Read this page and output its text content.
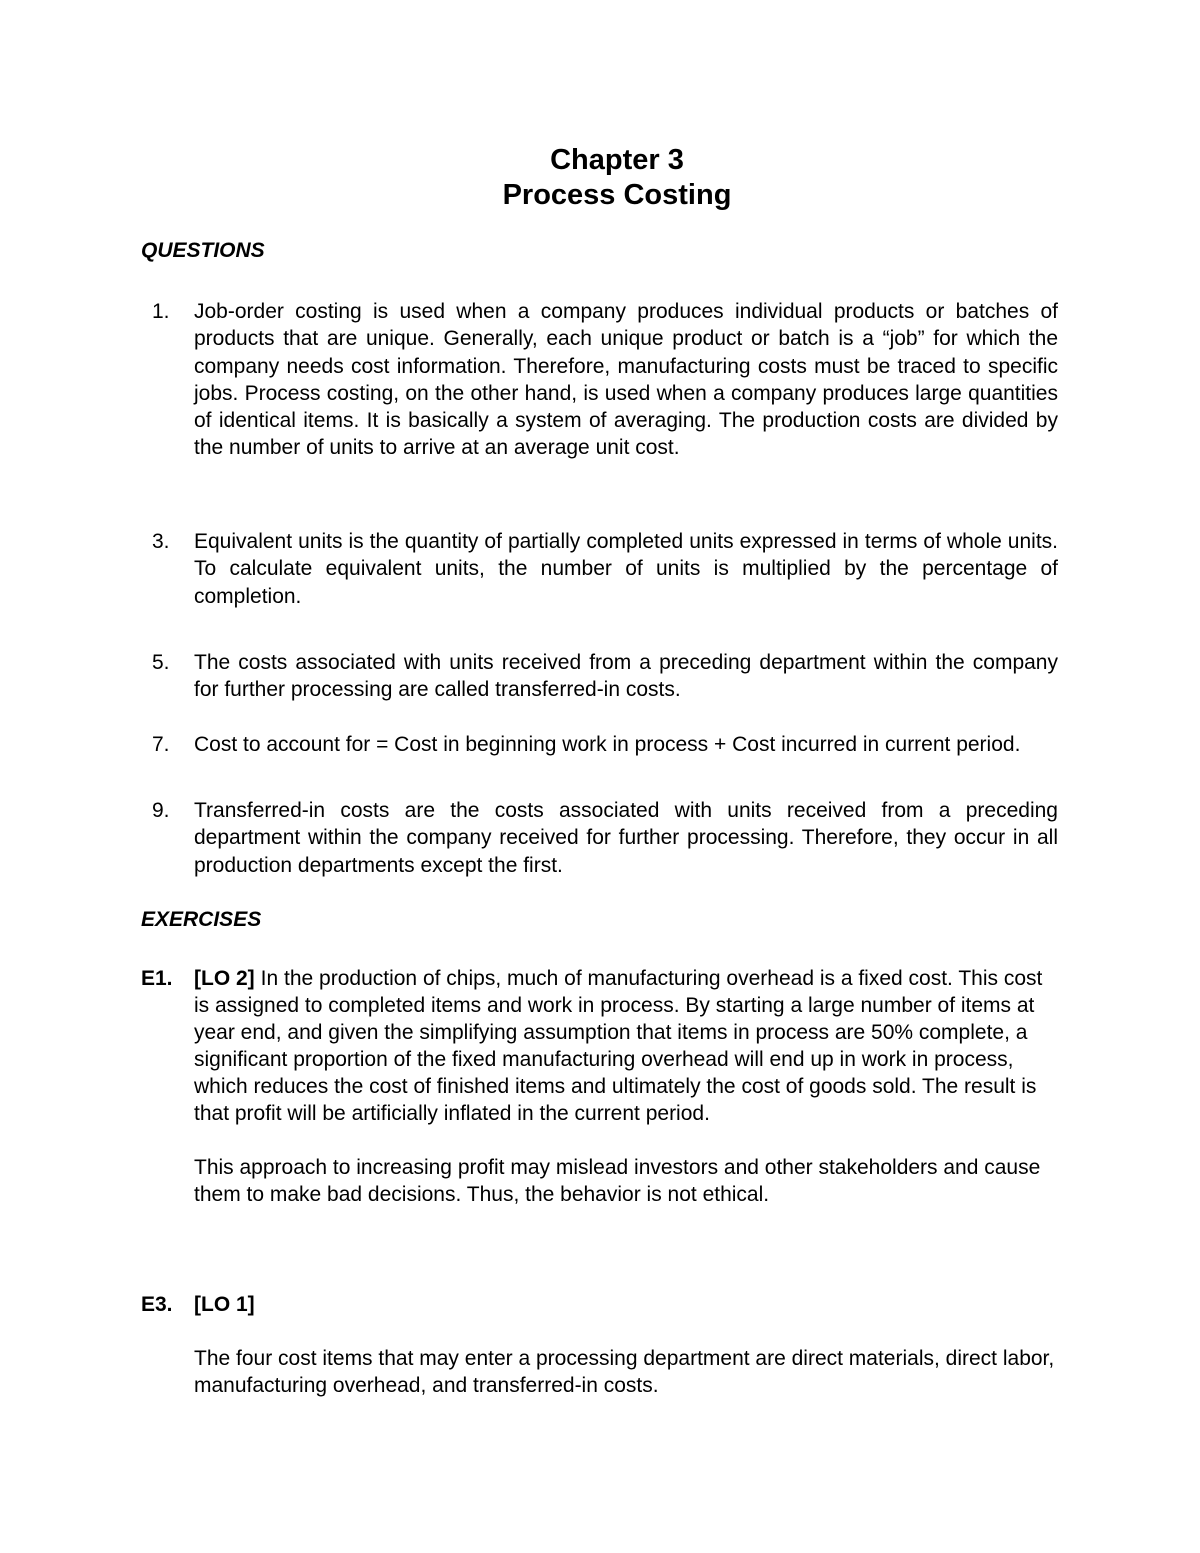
Chapter 3
Process Costing
QUESTIONS
1.	Job-order costing is used when a company produces individual products or batches of products that are unique. Generally, each unique product or batch is a “job” for which the company needs cost information. Therefore, manufacturing costs must be traced to specific jobs. Process costing, on the other hand, is used when a company produces large quantities of identical items. It is basically a system of averaging. The production costs are divided by the number of units to arrive at an average unit cost.

3.	Equivalent units is the quantity of partially completed units expressed in terms of whole units. To calculate equivalent units, the number of units is multiplied by the percentage of completion.

5.	The costs associated with units received from a preceding department within the company for further processing are called transferred-in costs.

7.	Cost to account for = Cost in beginning work in process + Cost incurred in current period.

9.	Transferred-in costs are the costs associated with units received from a preceding department within the company received for further processing. Therefore, they occur in all production departments except the first.

EXERCISES
E1.	[LO 2] In the production of chips, much of manufacturing overhead is a fixed cost. This cost is assigned to completed items and work in process. By starting a large number of items at year end, and given the simplifying assumption that items in process are 50% complete, a significant proportion of the fixed manufacturing overhead will end up in work in process, which reduces the cost of finished items and ultimately the cost of goods sold. The result is that profit will be artificially inflated in the current period.

This approach to increasing profit may mislead investors and other stakeholders and cause them to make bad decisions. Thus, the behavior is not ethical.

E3.	[LO 1]

The four cost items that may enter a processing department are direct materials, direct labor, manufacturing overhead, and transferred-in costs.
